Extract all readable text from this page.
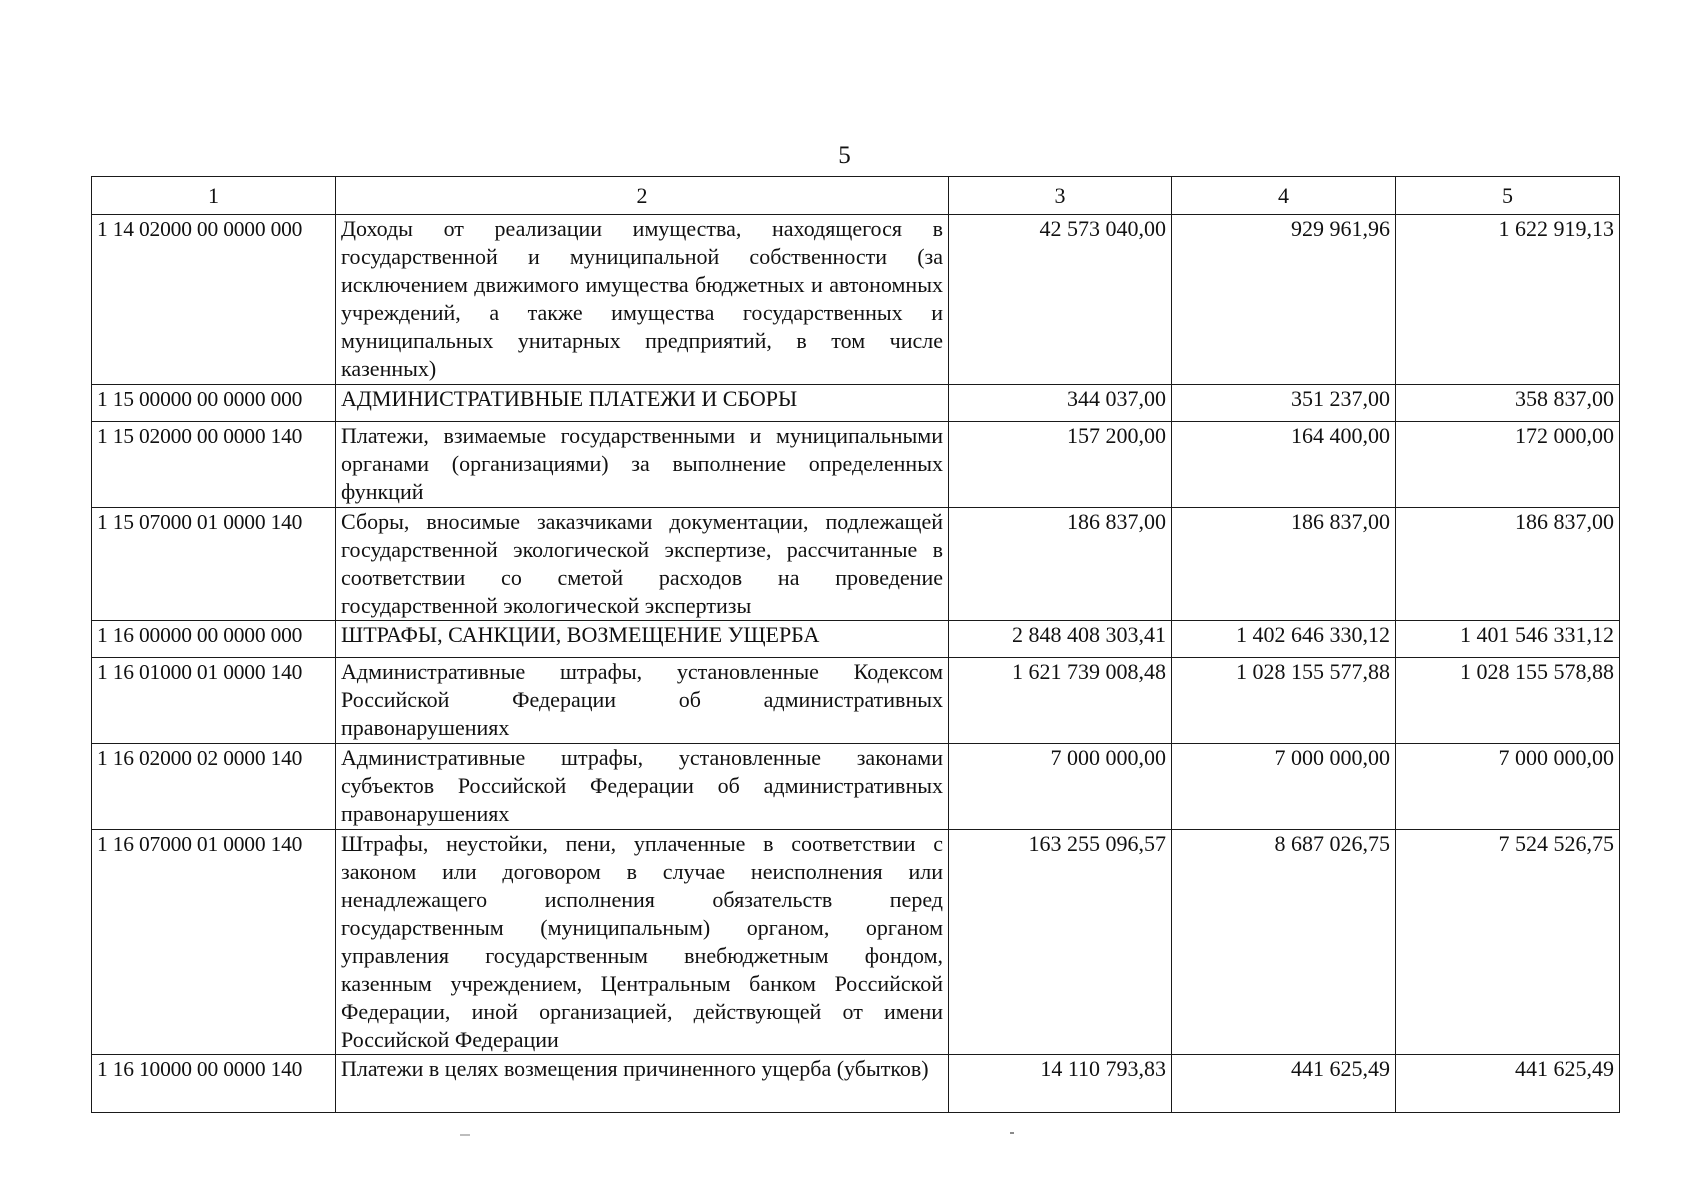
5
1	2	3	4	5
1 14 02000 00 0000 000	Доходы от реализации имущества, находящегося в государственной и муниципальной собственности (за исключением движимого имущества бюджетных и автономных учреждений, а также имущества государственных и муниципальных унитарных предприятий, в том числе казенных)	42 573 040,00	929 961,96	1 622 919,13
1 15 00000 00 0000 000	АДМИНИСТРАТИВНЫЕ ПЛАТЕЖИ И СБОРЫ	344 037,00	351 237,00	358 837,00
1 15 02000 00 0000 140	Платежи, взимаемые государственными и муниципальными органами (организациями) за выполнение определенных функций	157 200,00	164 400,00	172 000,00
1 15 07000 01 0000 140	Сборы, вносимые заказчиками документации, подлежащей государственной экологической экспертизе, рассчитанные в соответствии со сметой расходов на проведение государственной экологической экспертизы	186 837,00	186 837,00	186 837,00
1 16 00000 00 0000 000	ШТРАФЫ, САНКЦИИ, ВОЗМЕЩЕНИЕ УЩЕРБА	2 848 408 303,41	1 402 646 330,12	1 401 546 331,12
1 16 01000 01 0000 140	Административные штрафы, установленные Кодексом Российской Федерации об административных правонарушениях	1 621 739 008,48	1 028 155 577,88	1 028 155 578,88
1 16 02000 02 0000 140	Административные штрафы, установленные законами субъектов Российской Федерации об административных правонарушениях	7 000 000,00	7 000 000,00	7 000 000,00
1 16 07000 01 0000 140	Штрафы, неустойки, пени, уплаченные в соответствии с законом или договором в случае неисполнения или ненадлежащего исполнения обязательств перед государственным (муниципальным) органом, органом управления государственным внебюджетным фондом, казенным учреждением, Центральным банком Российской Федерации, иной организацией, действующей от имени Российской Федерации	163 255 096,57	8 687 026,75	7 524 526,75
1 16 10000 00 0000 140	Платежи в целях возмещения причиненного ущерба (убытков)	14 110 793,83	441 625,49	441 625,49
